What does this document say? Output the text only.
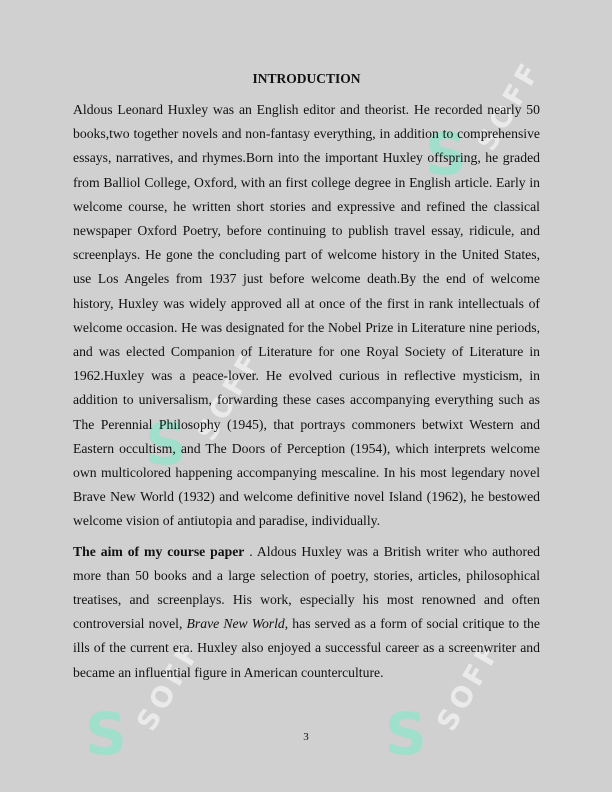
S SOFF
S SOFF
S SOFF	S SOFF
INTRODUCTION

Aldous Leonard Huxley was an English editor and theorist. He recorded nearly 50 books,two together novels and non-fantasy everything, in addition to comprehensive essays, narratives, and rhymes.Born into the important Huxley offspring, he graded from Balliol College, Oxford, with an first college degree in English article. Early in welcome course, he written short stories and expressive and refined the classical newspaper Oxford Poetry, before continuing to publish travel essay, ridicule, and screenplays. He gone the concluding part of welcome history in the United States, use Los Angeles from 1937 just before welcome death.By the end of welcome history, Huxley was widely approved all at once of the first in rank intellectuals of welcome occasion. He was designated for the Nobel Prize in Literature nine periods, and was elected Companion of Literature for one Royal Society of Literature in 1962.Huxley was a peace-lover. He evolved curious in reflective mysticism, in addition to universalism, forwarding these cases accompanying everything such as The Perennial Philosophy (1945), that portrays commoners betwixt Western and Eastern occultism, and The Doors of Perception (1954), which interprets welcome own multicolored happening accompanying mescaline. In his most legendary novel Brave New World (1932) and welcome definitive novel Island (1962), he bestowed welcome vision of antiutopia and paradise, individually.

The aim of my course paper . Aldous Huxley was a British writer who authored more than 50 books and a large selection of poetry, stories, articles, philosophical treatises, and screenplays. His work, especially his most renowned and often controversial novel, Brave New World, has served as a form of social critique to the ills of the current era. Huxley also enjoyed a successful career as a screenwriter and became an influential figure in American counterculture.

3
